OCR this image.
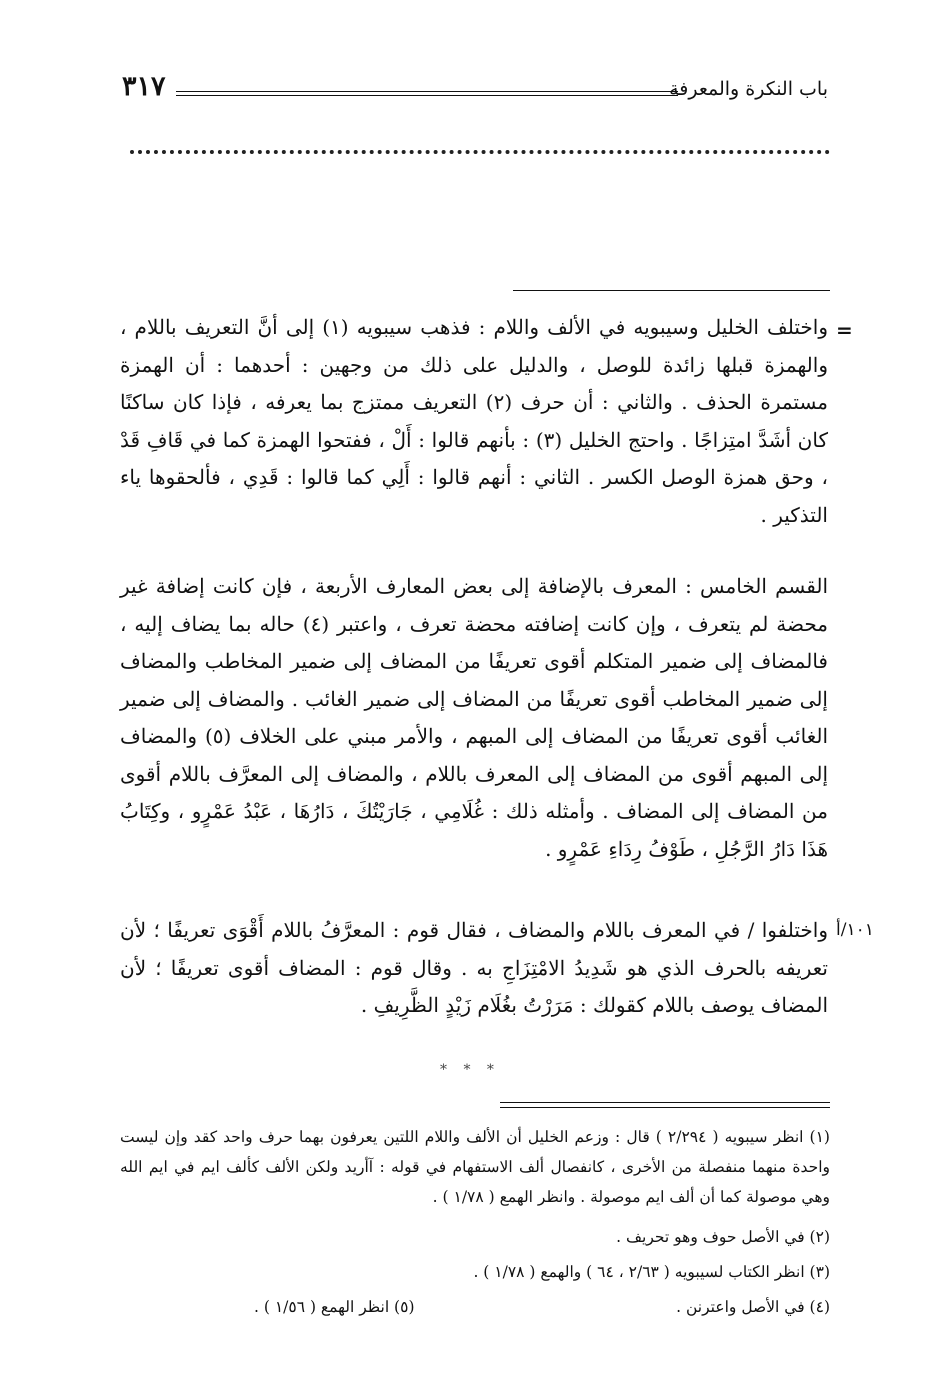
٣١٧	باب النكرة والمعرفة
=
واختلف الخليل وسيبويه في الألف واللام : فذهب سيبويه (١) إلى أنَّ التعريف باللام ، والهمزة قبلها زائدة للوصل ، والدليل على ذلك من وجهين : أحدهما : أن الهمزة مستمرة الحذف . والثاني : أن حرف (٢) التعريف ممتزج بما يعرفه ، فإذا كان ساكنًا كان أشَدَّ امتِزاجًا . واحتج الخليل (٣) : بأنهم قالوا : أَلْ ، ففتحوا الهمزة كما في قَافِ قَدْ ، وحق همزة الوصل الكسر . الثاني : أنهم قالوا : أَلِي كما قالوا : قَدِي ، فألحقوها ياء التذكير .
القسم الخامس : المعرف بالإضافة إلى بعض المعارف الأربعة ، فإن كانت إضافة غير محضة لم يتعرف ، وإن كانت إضافته محضة تعرف ، واعتبر (٤) حاله بما يضاف إليه ، فالمضاف إلى ضمير المتكلم أقوى تعريفًا من المضاف إلى ضمير المخاطب والمضاف إلى ضمير المخاطب أقوى تعريفًا من المضاف إلى ضمير الغائب . والمضاف إلى ضمير الغائب أقوى تعريفًا من المضاف إلى المبهم ، والأمر مبني على الخلاف (٥) والمضاف إلى المبهم أقوى من المضاف إلى المعرف باللام ، والمضاف إلى المعرَّف باللام أقوى من المضاف إلى المضاف . وأمثله ذلك : غُلَامِي ، جَارَيْتُكَ ، دَارُهَا ، عَبْدُ عَمْرٍو ، وكِتَابُ هَذَا دَارُ الرَّجُلِ ، طَوْفُ رِدَاءِ عَمْرٍو .
١٠١/أ
واختلفوا / في المعرف باللام والمضاف ، فقال قوم : المعرَّفُ باللام أَقْوَى تعريفًا ؛ لأن تعريفه بالحرف الذي هو شَدِيدُ الامْتِزَاجِ به . وقال قوم : المضاف أقوى تعريفًا ؛ لأن المضاف يوصف باللام كقولك : مَرَرْتُ بغُلَام زَيْدٍ الظَّرِيفِ .
* * *
(١) انظر سيبويه ( ٢/٢٩٤ ) قال : وزعم الخليل أن الألف واللام اللتين يعرفون بهما حرف واحد كقد وإن ليست واحدة منهما منفصلة من الأخرى ، كانفصال ألف الاستفهام في قوله : آأريد ولكن الألف كألف ايم في ايم الله وهي موصولة كما أن ألف ايم موصولة . وانظر الهمع ( ١/٧٨ ) .
(٢) في الأصل حوف وهو تحريف .
(٣) انظر الكتاب لسيبويه ( ٢/٦٣ ، ٦٤ ) والهمع ( ١/٧٨ ) .
(٤) في الأصل واعترنن .
(٥) انظر الهمع ( ١/٥٦ ) .
